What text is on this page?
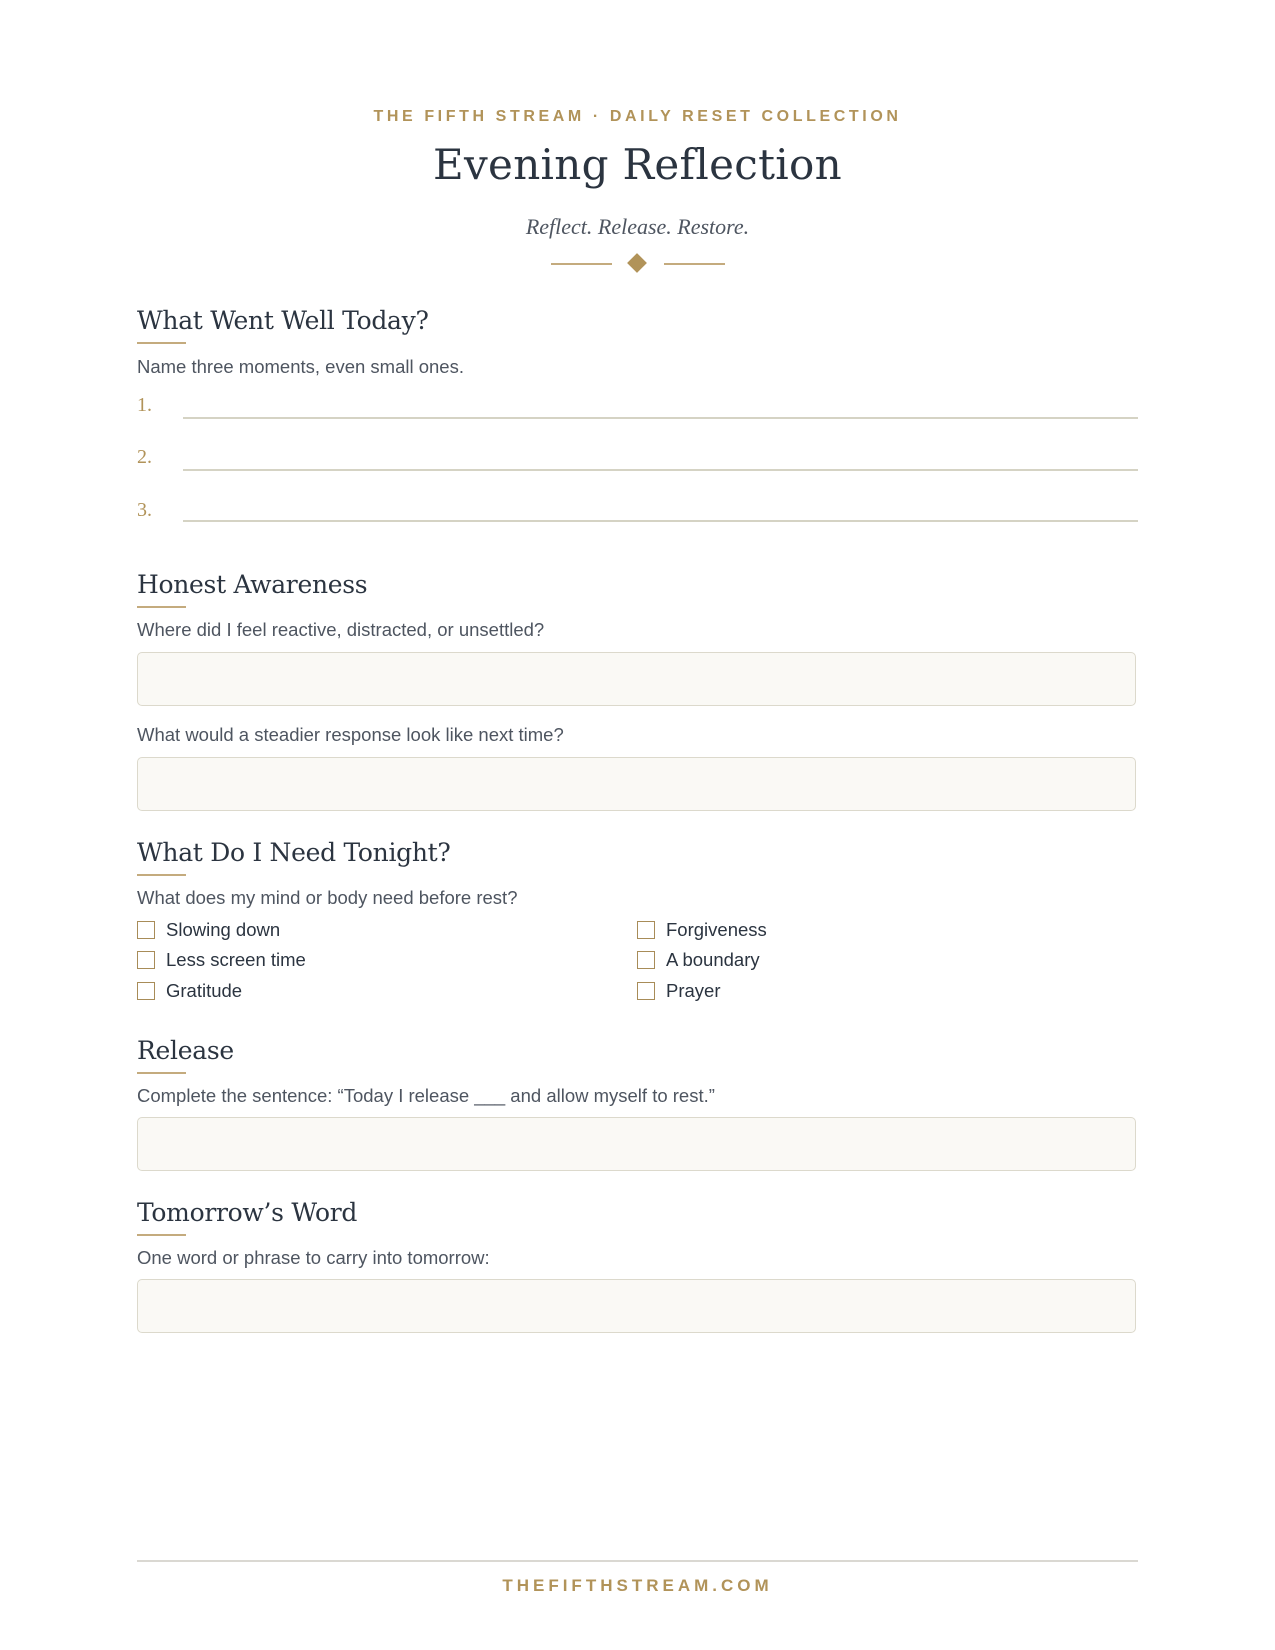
THE FIFTH STREAM · DAILY RESET COLLECTION
Evening Reflection
Reflect. Release. Restore.
What Went Well Today?
Name three moments, even small ones.
1.
2.
3.
Honest Awareness
Where did I feel reactive, distracted, or unsettled?
What would a steadier response look like next time?
What Do I Need Tonight?
What does my mind or body need before rest?
Slowing down
Less screen time
Gratitude
Forgiveness
A boundary
Prayer
Release
Complete the sentence: “Today I release ___ and allow myself to rest.”
Tomorrow’s Word
One word or phrase to carry into tomorrow:
THEFIFTHSTREAM.COM
